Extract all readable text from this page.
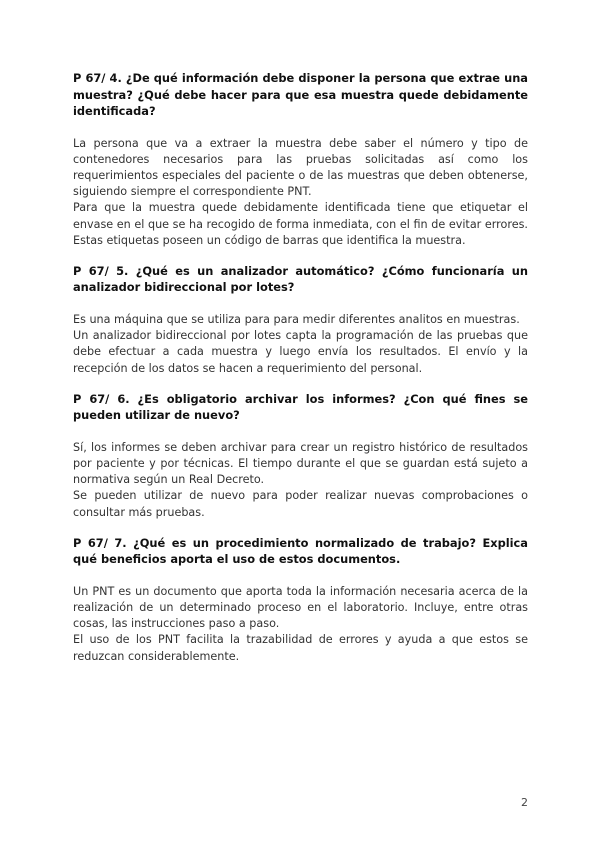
P 67/ 4. ¿De qué información debe disponer la persona que extrae una muestra? ¿Qué debe hacer para que esa muestra quede debidamente identificada?

La persona que va a extraer la muestra debe saber el número y tipo de contenedores necesarios para las pruebas solicitadas así como los requerimientos especiales del paciente o de las muestras que deben obtenerse, siguiendo siempre el correspondiente PNT.

Para que la muestra quede debidamente identificada tiene que etiquetar el envase en el que se ha recogido de forma inmediata, con el fin de evitar errores. Estas etiquetas poseen un código de barras que identifica la muestra.

P 67/ 5. ¿Qué es un analizador automático? ¿Cómo funcionaría un analizador bidireccional por lotes?

Es una máquina que se utiliza para para medir diferentes analitos en muestras.

Un analizador bidireccional por lotes capta la programación de las pruebas que debe efectuar a cada muestra y luego envía los resultados. El envío y la recepción de los datos se hacen a requerimiento del personal.

P 67/ 6. ¿Es obligatorio archivar los informes? ¿Con qué fines se pueden utilizar de nuevo?

Sí, los informes se deben archivar para crear un registro histórico de resultados por paciente y por técnicas. El tiempo durante el que se guardan está sujeto a normativa según un Real Decreto.

Se pueden utilizar de nuevo para poder realizar nuevas comprobaciones o consultar más pruebas.

P 67/ 7. ¿Qué es un procedimiento normalizado de trabajo? Explica qué beneficios aporta el uso de estos documentos.

Un PNT es un documento que aporta toda la información necesaria acerca de la realización de un determinado proceso en el laboratorio. Incluye, entre otras cosas, las instrucciones paso a paso.

El uso de los PNT facilita la trazabilidad de errores y ayuda a que estos se reduzcan considerablemente.

2
